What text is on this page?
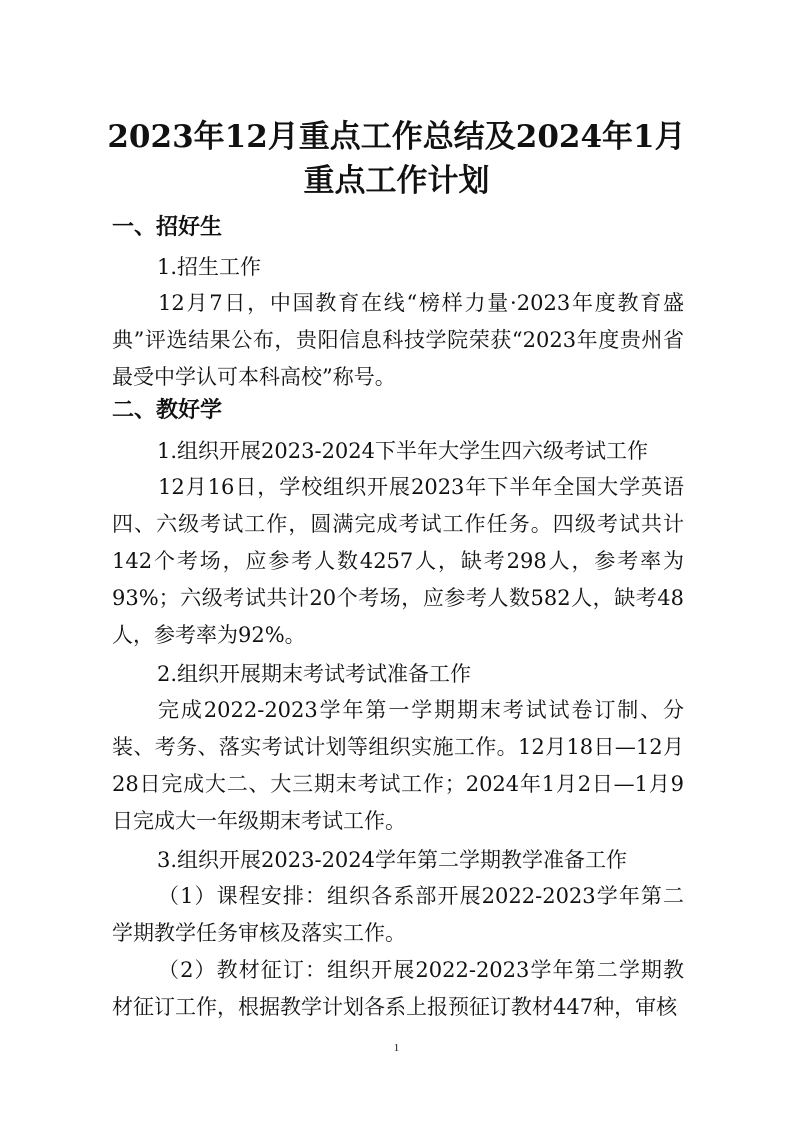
2023年12月重点工作总结及2024年1月重点工作计划
一、招好生
1.招生工作
12月7日，中国教育在线“榜样力量·2023年度教育盛典”评选结果公布，贵阳信息科技学院荣获“2023年度贵州省最受中学认可本科高校”称号。
二、教好学
1.组织开展2023-2024下半年大学生四六级考试工作
12月16日，学校组织开展2023年下半年全国大学英语四、六级考试工作，圆满完成考试工作任务。四级考试共计142个考场，应参考人数4257人，缺考298人，参考率为93%；六级考试共计20个考场，应参考人数582人，缺考48人，参考率为92%。
2.组织开展期末考试考试准备工作
完成2022-2023学年第一学期期末考试试卷订制、分装、考务、落实考试计划等组织实施工作。12月18日—12月28日完成大二、大三期末考试工作；2024年1月2日—1月9日完成大一年级期末考试工作。
3.组织开展2023-2024学年第二学期教学准备工作
（1）课程安排：组织各系部开展2022-2023学年第二学期教学任务审核及落实工作。
（2）教材征订：组织开展2022-2023学年第二学期教材征订工作，根据教学计划各系上报预征订教材447种，审核
1
